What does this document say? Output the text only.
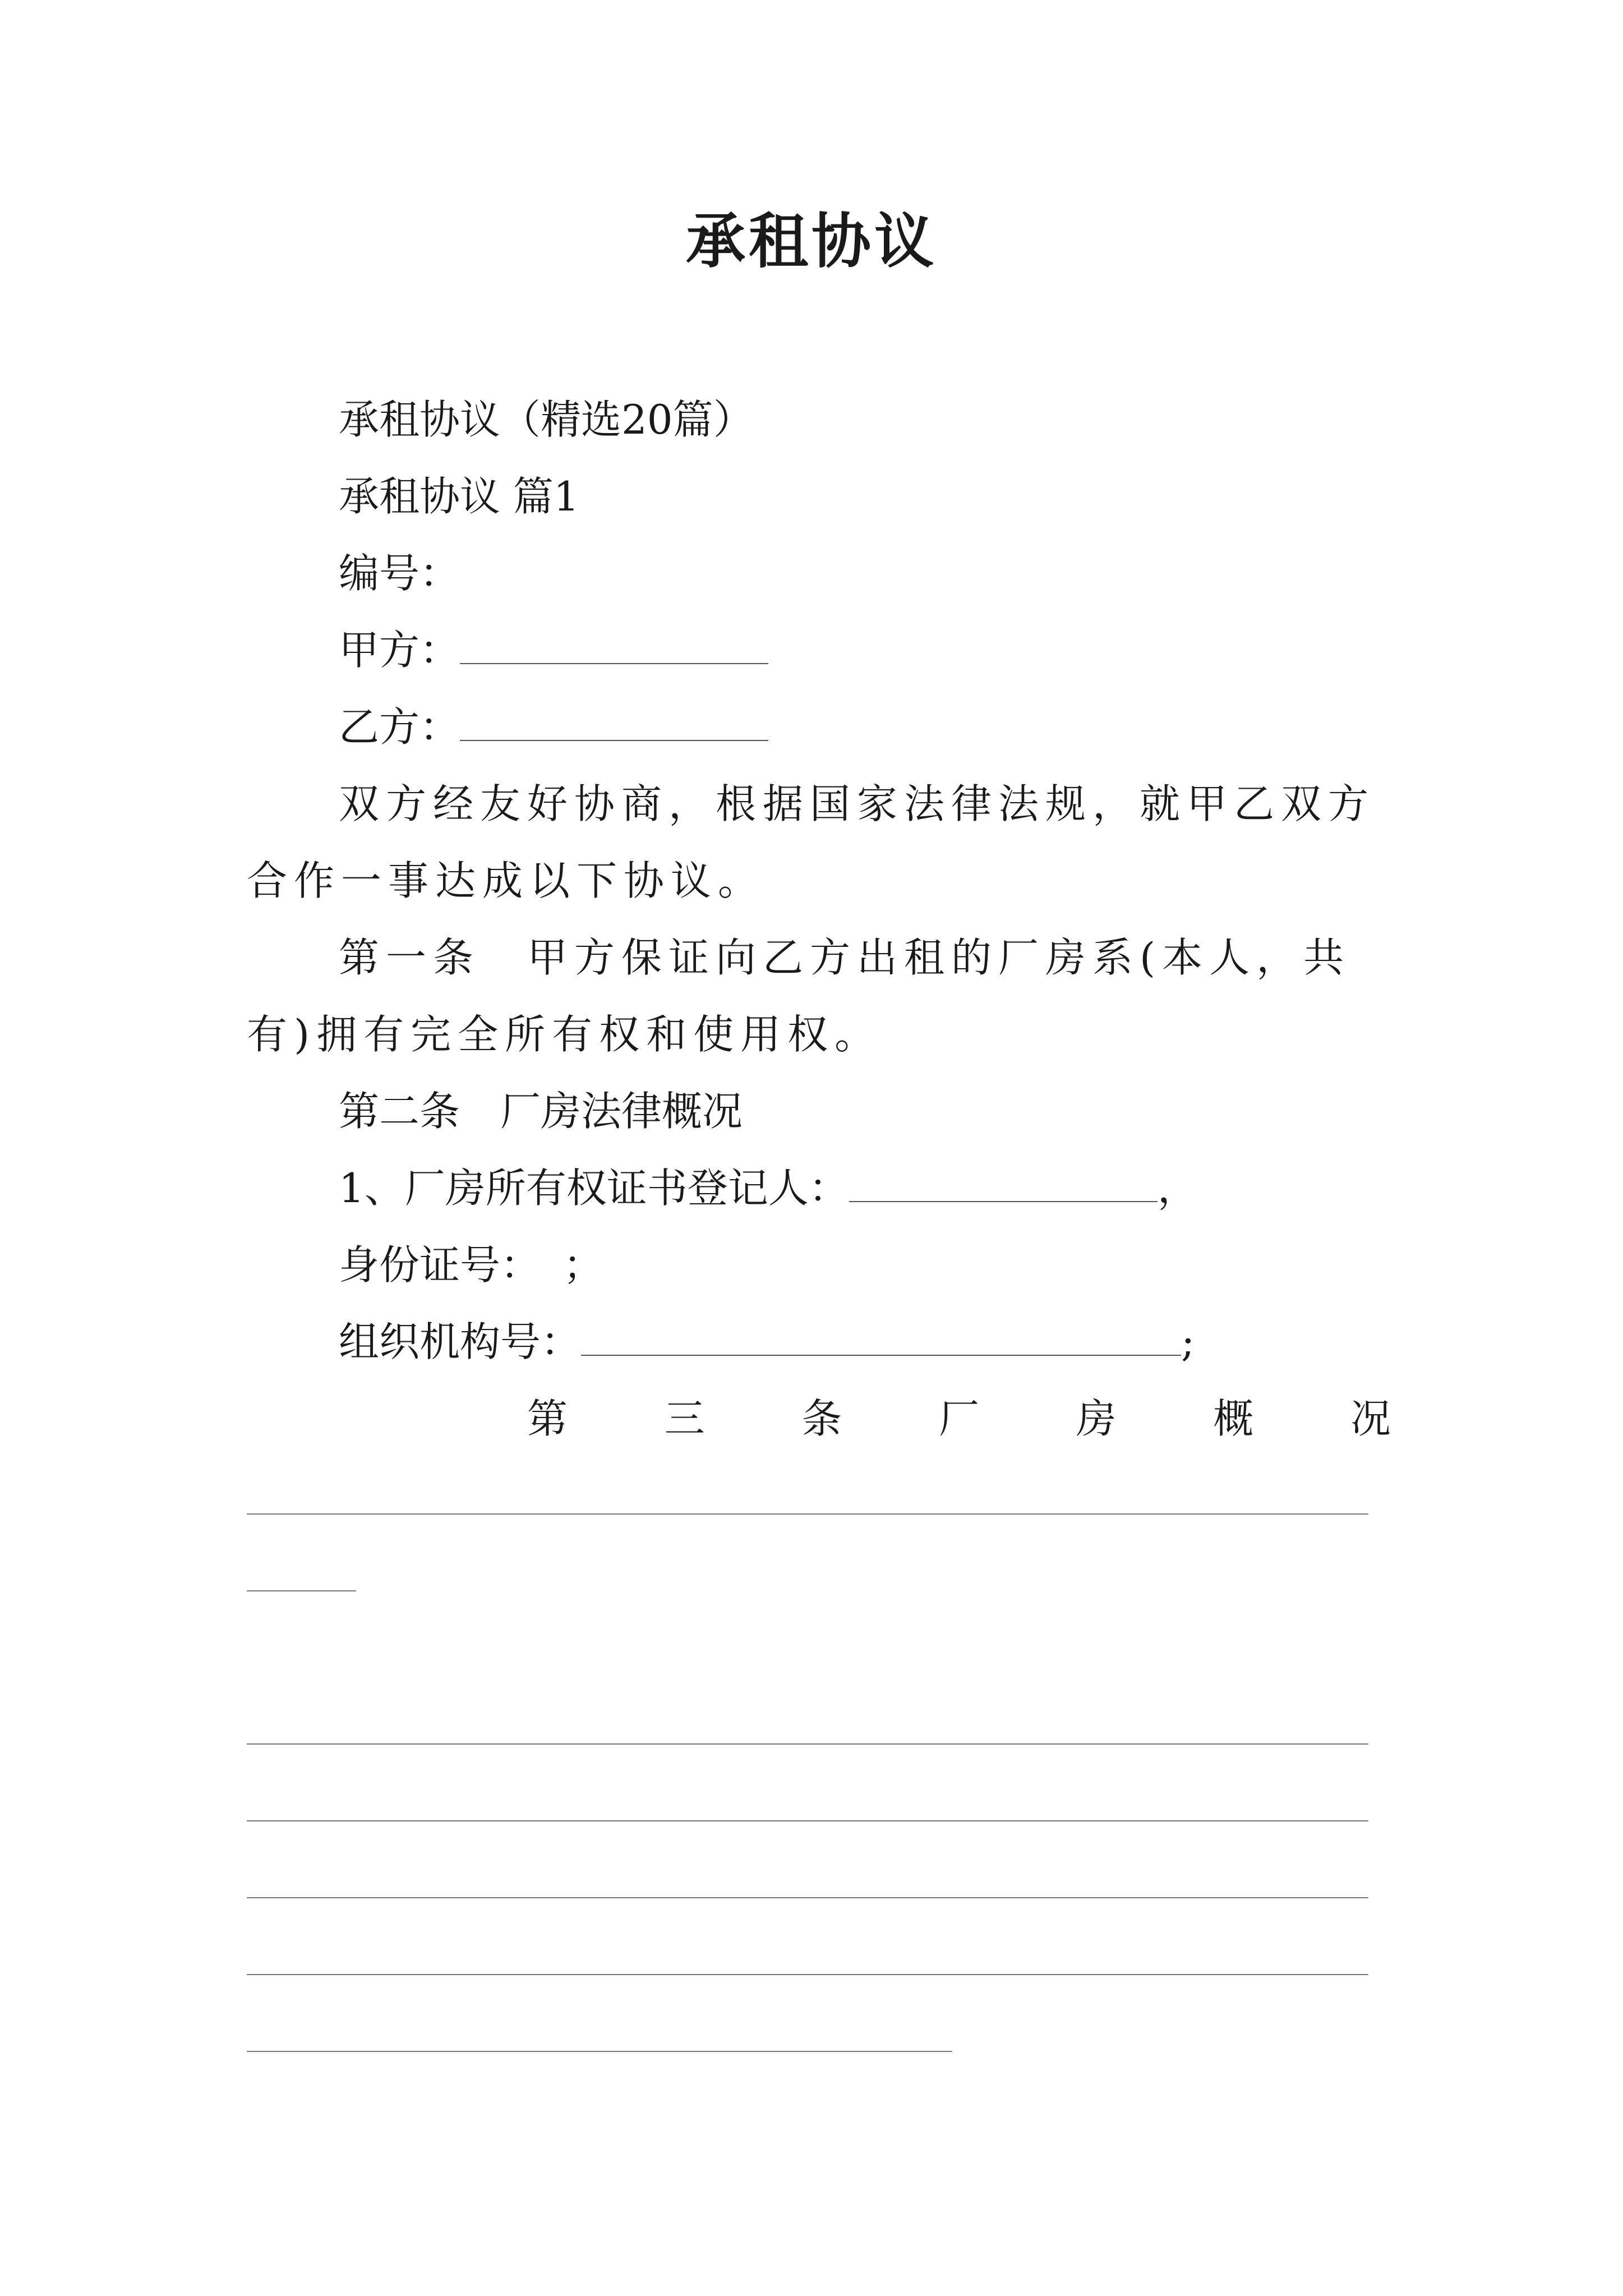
承租协议

承租协议（精选20篇）

承租协议 篇1

编号：

甲方：

乙方：

双方经友好协商，根据国家法律法规，就甲乙双方合作一事达成以下协议。

第一条　甲方保证向乙方出租的厂房系(本人，共有)拥有完全所有权和使用权。

第二条　厂房法律概况

1、厂房所有权证书登记人：	，

身份证号： ；

组织机构号：	;

第 三 条 厂 房 概 况
